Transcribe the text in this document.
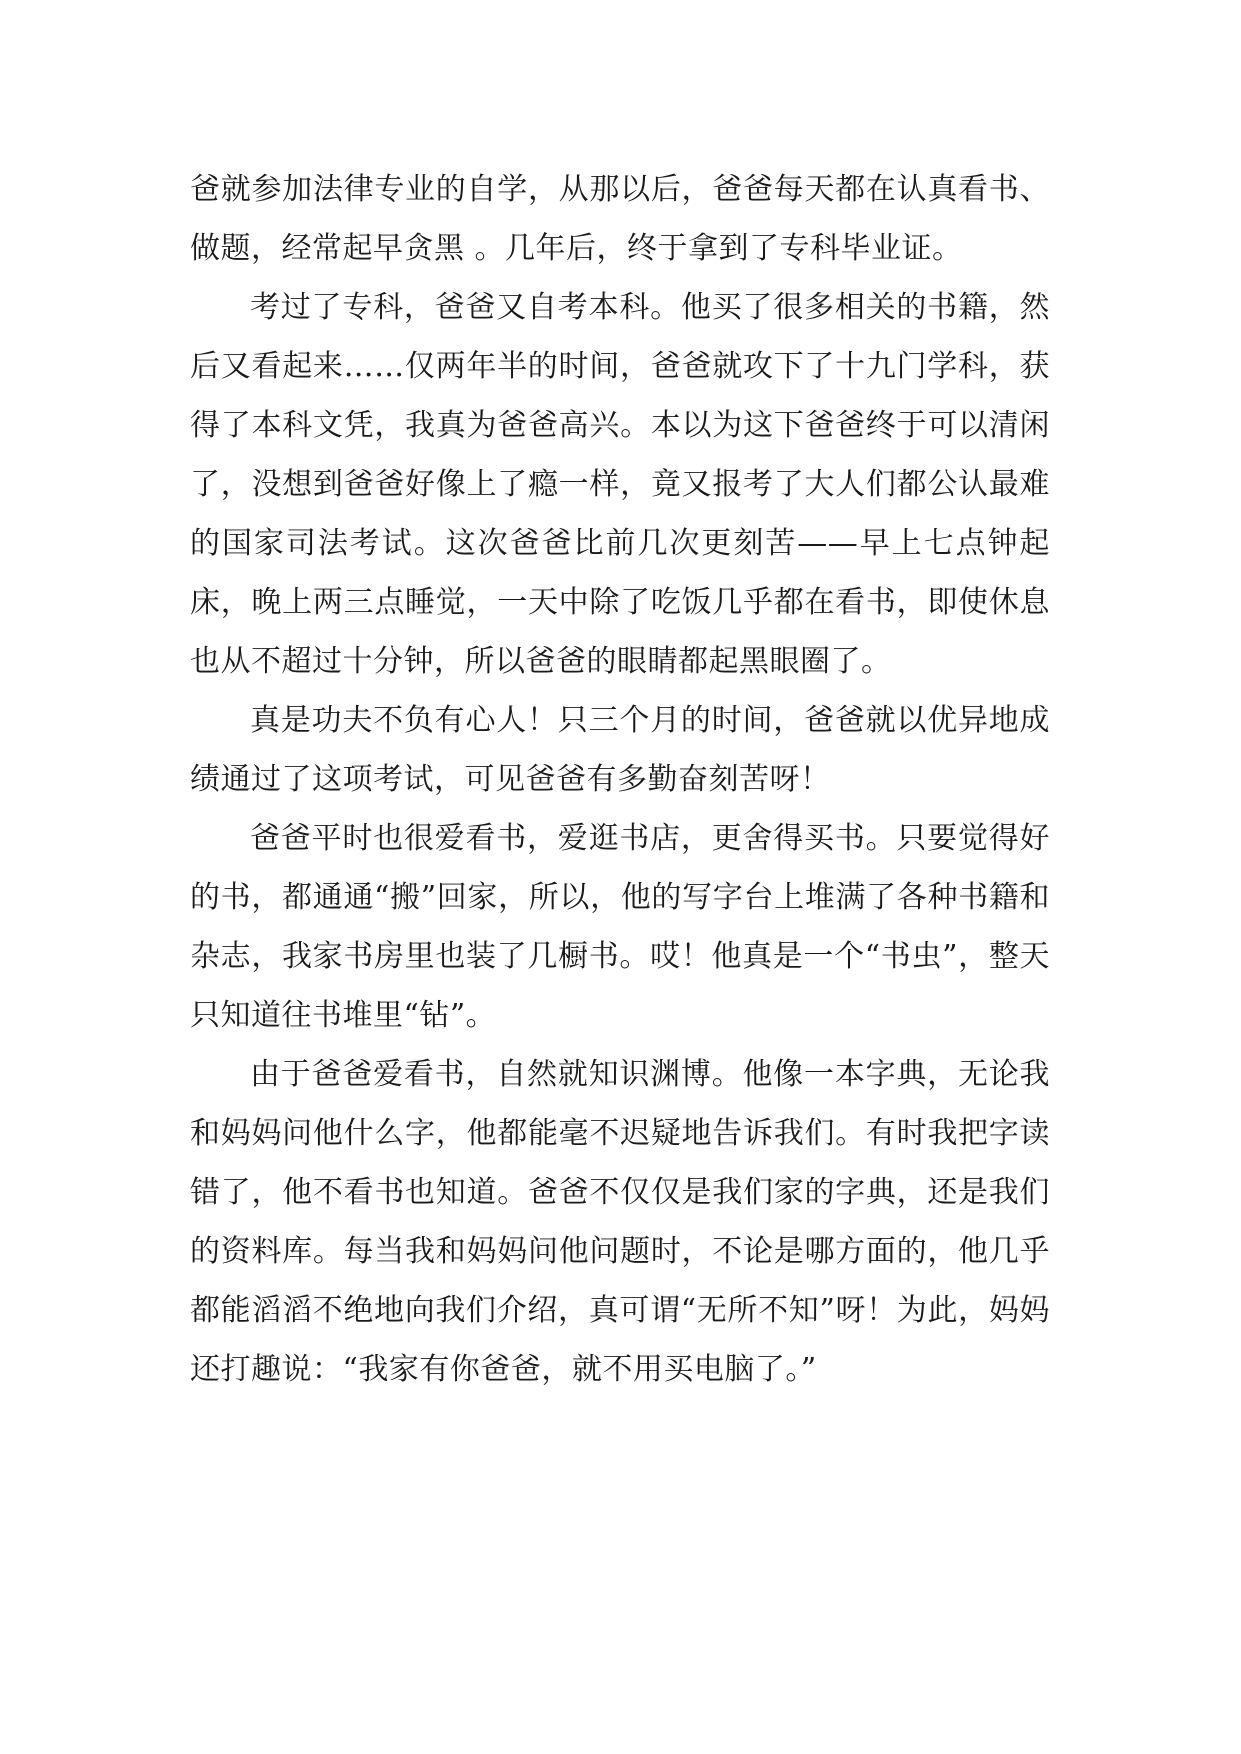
爸就参加法律专业的自学，从那以后，爸爸每天都在认真看书、做题，经常起早贪黑 。几年后，终于拿到了专科毕业证。

考过了专科，爸爸又自考本科。他买了很多相关的书籍，然后又看起来……仅两年半的时间，爸爸就攻下了十九门学科，获得了本科文凭，我真为爸爸高兴。本以为这下爸爸终于可以清闲了，没想到爸爸好像上了瘾一样，竟又报考了大人们都公认最难的国家司法考试。这次爸爸比前几次更刻苦——早上七点钟起床，晚上两三点睡觉，一天中除了吃饭几乎都在看书，即使休息也从不超过十分钟，所以爸爸的眼睛都起黑眼圈了。

真是功夫不负有心人！只三个月的时间，爸爸就以优异地成绩通过了这项考试，可见爸爸有多勤奋刻苦呀！

爸爸平时也很爱看书，爱逛书店，更舍得买书。只要觉得好的书，都通通“搬”回家，所以，他的写字台上堆满了各种书籍和杂志，我家书房里也装了几橱书。哎！他真是一个“书虫”，整天只知道往书堆里“钻”。

由于爸爸爱看书，自然就知识渊博。他像一本字典，无论我和妈妈问他什么字，他都能毫不迟疑地告诉我们。有时我把字读错了，他不看书也知道。爸爸不仅仅是我们家的字典，还是我们的资料库。每当我和妈妈问他问题时，不论是哪方面的，他几乎都能滔滔不绝地向我们介绍，真可谓“无所不知”呀！为此，妈妈还打趣说：“我家有你爸爸，就不用买电脑了。”
